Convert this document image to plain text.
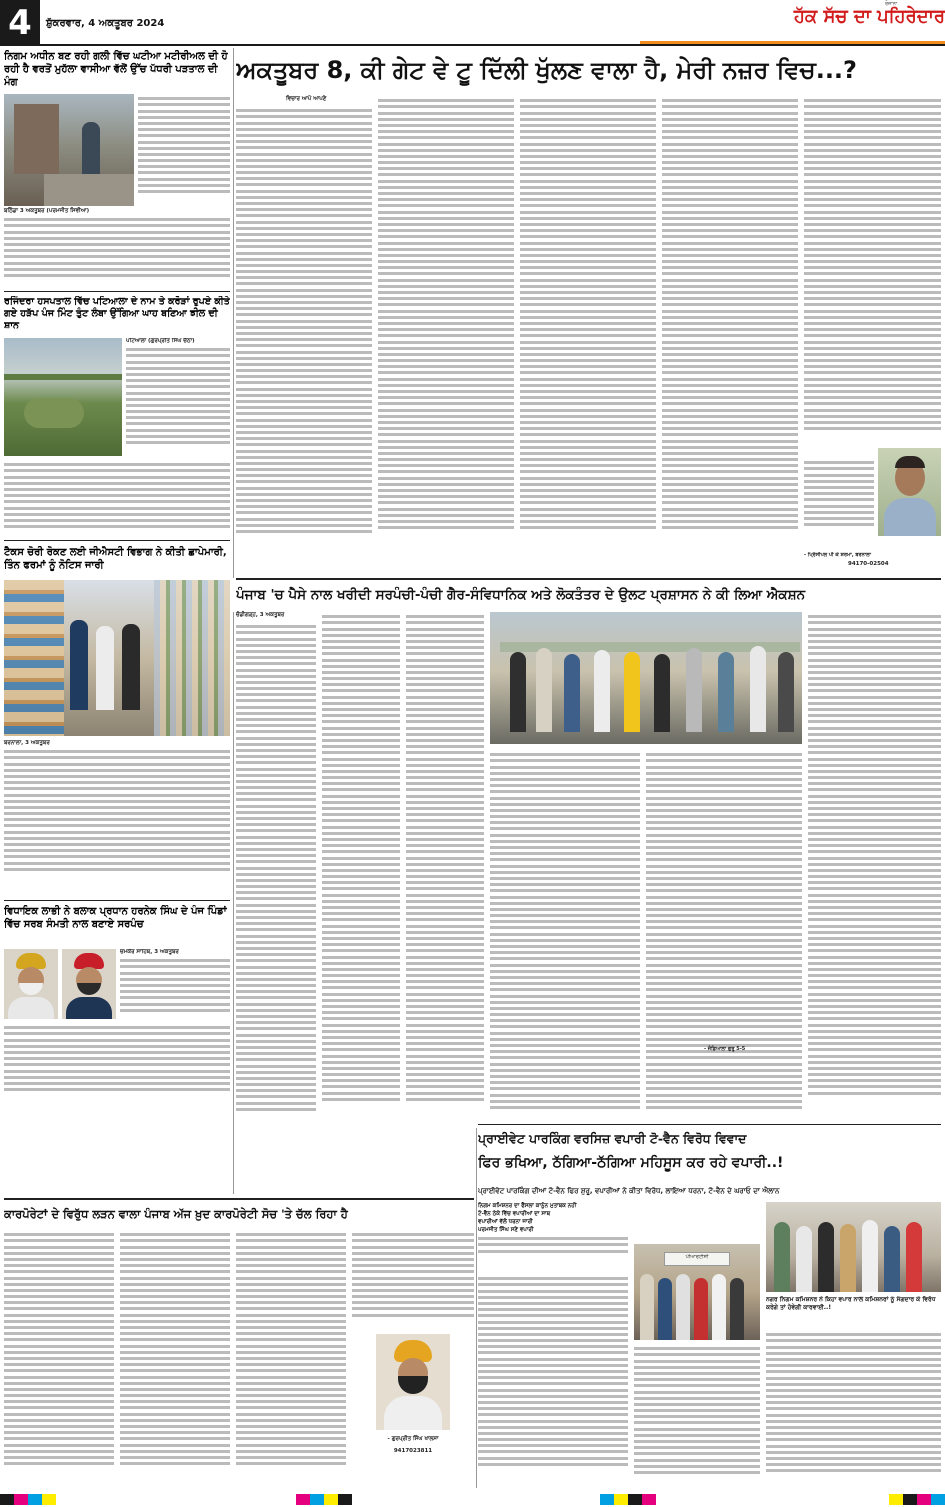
4	ਸ਼ੁੱਕਰਵਾਰ, 4 ਅਕਤੂਬਰ 2024
ਰੋਜ਼ਾਨਾ
ਹੱਕ ਸੱਚ ਦਾ ਪਹਿਰੇਦਾਰ
ਨਿਗਮ ਅਧੀਨ ਬਣ ਰਹੀ ਗਲੀ ਵਿੱਚ ਘਟੀਆ ਮਟੀਰੀਅਲ ਦੀ ਹੋ ਰਹੀ ਹੈ ਵਰਤੋਂ ਮੁਹੱਲਾ ਵਾਸੀਆ ਵੱਲੋਂ ਉੱਚ ਪੱਧਰੀ ਪੜਤਾਲ ਦੀ ਮੰਗ
ਬਠਿੰਡਾ 3 ਅਕਤੂਬਰ (ਪਰਮਜੀਤ ਸਿਵੀਆ)
ਅਕਤੂਬਰ 8, ਕੀ ਗੇਟ ਵੇ ਟੂ ਦਿੱਲੀ ਖੁੱਲਣ ਵਾਲਾ ਹੈ, ਮੇਰੀ ਨਜ਼ਰ ਵਿਚ...?
ਵਿਚਾਰ ਆਪੋ ਆਪਣੇ
- ਪ੍ਰਿੰਸੀਪਲ ਪੀ ਕੇ ਸ਼ਰਮਾ, ਬਰਨਾਲਾ
94170-02504
ਰਜਿੰਦਰਾ ਹਸਪਤਾਲ ਵਿੱਚ ਪਟਿਆਲਾ ਦੇ ਨਾਮ ਤੇ ਕਰੋੜਾਂ ਰੁਪਏ ਕੀਤੇ ਗਏ ਹੜੱਪ ਪੰਜ ਮਿੰਟ ਤੁੰਟ ਲੰਬਾ ਉੱਗਿਆ ਘਾਹ ਬਣਿਆ ਝੀਲ ਦੀ ਸ਼ਾਨ
ਪਟਿਆਲਾ (ਗੁਰਪ੍ਰੀਤ ਸਿੰਘ ਚੱਠਾ)
ਪੰਜਾਬ 'ਚ ਪੈਸੇ ਨਾਲ ਖਰੀਦੀ ਸਰਪੰਚੀ-ਪੰਚੀ ਗੈਰ-ਸੰਵਿਧਾਨਿਕ ਅਤੇ ਲੋਕਤੰਤਰ ਦੇ ਉਲਟ ਪ੍ਰਸ਼ਾਸਨ ਨੇ ਕੀ ਲਿਆ ਐਕਸ਼ਨ
ਟੈਕਸ ਚੋਰੀ ਰੋਕਣ ਲਈ ਜੀਐਸਟੀ ਵਿਭਾਗ ਨੇ ਕੀਤੀ ਛਾਪੇਮਾਰੀ, ਤਿੰਨ ਫਰਮਾਂ ਨੂੰ ਨੋਟਿਸ ਜਾਰੀ
ਬਰਨਾਲਾ, 3 ਅਕਤੂਬਰ
ਵਿਧਾਇਕ ਲਾਭੀ ਨੇ ਬਲਾਕ ਪ੍ਰਧਾਨ ਹਰਨੇਕ ਸਿੰਘ ਦੇ ਪੰਜ ਪਿੰਡਾਂ ਵਿੱਚ ਸਰਬ ਸੰਮਤੀ ਨਾਲ ਬਣਾਏ ਸਰਪੰਚ
ਚਮਕੌਰ ਸਾਹਿਬ, 3 ਅਕਤੂਬਰ
ਚੰਡੀਗੜ੍ਹ, 3 ਅਕਤੂਬਰ
- ਜੰਡਿਆਲਾ ਗੁਰੂ 5-5
ਪ੍ਰਾਈਵੇਟ ਪਾਰਕਿੰਗ ਵਰਸਿਜ਼ ਵਪਾਰੀ ਟੋ-ਵੈਨ ਵਿਰੋਧ ਵਿਵਾਦ
ਫਿਰ ਭਖਿਆ, ਠੱਗਿਆ-ਠੱਗਿਆ ਮਹਿਸੂਸ ਕਰ ਰਹੇ ਵਪਾਰੀ..!
ਪ੍ਰਾਈਵੇਟ ਪਾਰਕਿੰਗ ਦੀਆਂ ਟੋ-ਵੈਨ ਫਿਰ ਸ਼ੁਰੂ, ਵਪਾਰੀਆਂ ਨੇ ਕੀਤਾ ਵਿਰੋਧ, ਲਾਇਆ ਧਰਨਾ, ਟੋ-ਵੈਨ ਦੇ ਘਰਾਓ ਦਾ ਐਲਾਨ
ਨਿਗਮ ਕਮਿਸ਼ਨਰ ਦਾ ਫੈਸਲਾ ਕਾਨੂੰਨ ਮੁਤਾਬਕ ਨਹੀਂ
ਟੋ-ਵੈਨ ਠੇਕੇ ਵਿੱਚ ਵਪਾਰੀਆਂ ਦਾ ਸਾਥ
ਵਪਾਰੀਆਂ ਵੱਲੋਂ ਧਰਨਾ ਜਾਰੀ
ਪਰਮਜੀਤ ਸਿੰਘ ਸਣੇ ਵਪਾਰੀ
ਪੀਆਰਟੀਸੀ
ਨਗਰ ਨਿਗਮ ਕਮਿਸ਼ਨਰ ਨੇ ਕਿਹਾ ਵਪਾਰ ਨਾਲ ਕਮਿਸ਼ਨਰਾਂ ਨੂੰ ਸੰਗਦਾਰ ਕੇ ਵਿਰੋਧ ਕਰੇਗੇ ਤਾਂ ਹੋਵੇਗੀ ਕਾਰਵਾਈ..!
ਕਾਰਪੋਰੇਟਾਂ ਦੇ ਵਿਰੁੱਧ ਲੜਨ ਵਾਲਾ ਪੰਜਾਬ ਅੱਜ ਖ਼ੁਦ ਕਾਰਪੋਰੇਟੀ ਸੋਚ 'ਤੇ ਚੱਲ ਰਿਹਾ ਹੈ
- ਗੁਰਪ੍ਰੀਤ ਸਿੰਘ ਖਾਲਸਾ
9417023811
